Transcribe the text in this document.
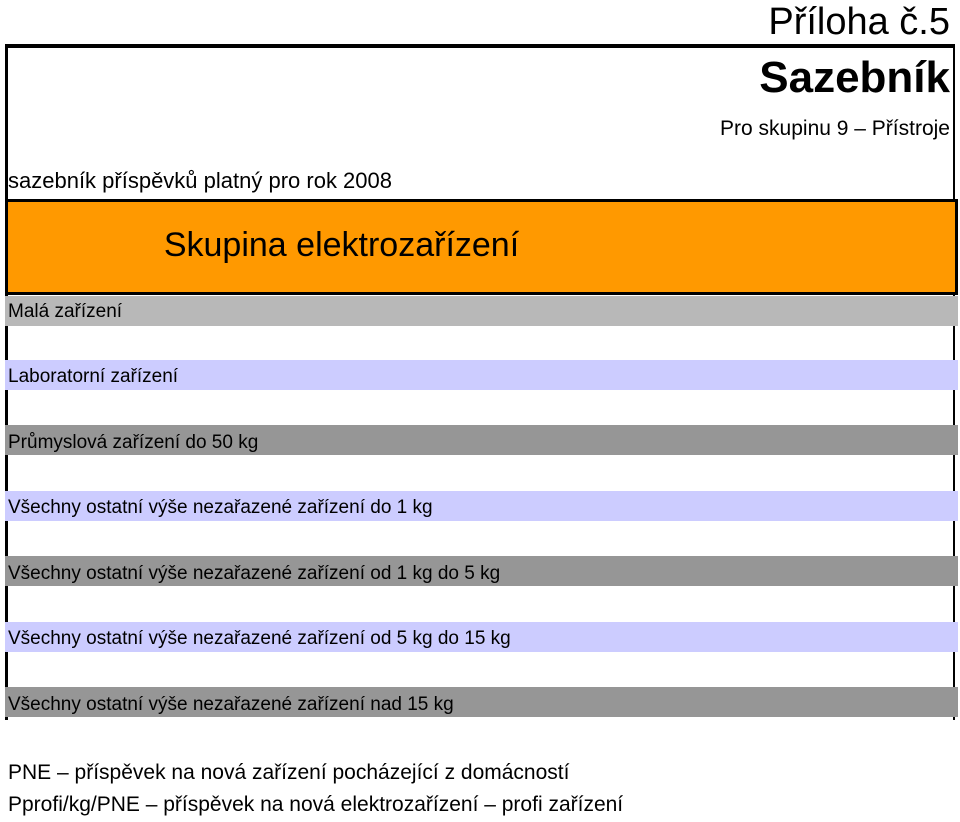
Příloha č.5
Sazebník
Pro skupinu 9 – Přístroje
sazebník příspěvků platný pro rok 2008
Skupina elektrozařízení
Malá zařízení
Laboratorní zařízení
Průmyslová zařízení do 50 kg
Všechny ostatní výše nezařazené zařízení do 1 kg
Všechny ostatní výše nezařazené zařízení od 1 kg do 5 kg
Všechny ostatní výše nezařazené zařízení od 5 kg do 15 kg
Všechny ostatní výše nezařazené zařízení nad 15 kg
PNE – příspěvek na nová zařízení pocházející z domácností
Pprofi/kg/PNE – příspěvek na nová elektrozařízení – profi zařízení
